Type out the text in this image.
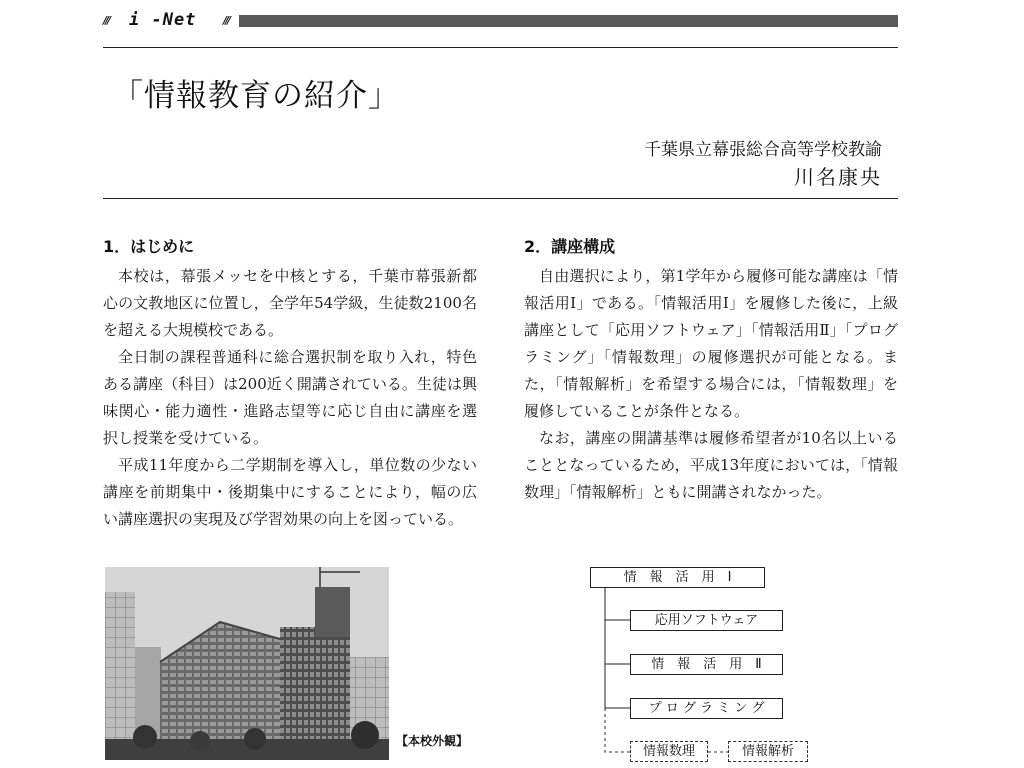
/// i -Net ///
「情報教育の紹介」
千葉県立幕張総合高等学校教諭
川名康央
1．はじめに

本校は，幕張メッセを中核とする，千葉市幕張新都心の文教地区に位置し，全学年54学級，生徒数2100名を超える大規模校である。

全日制の課程普通科に総合選択制を取り入れ，特色ある講座（科目）は200近く開講されている。生徒は興味関心・能力適性・進路志望等に応じ自由に講座を選択し授業を受けている。

平成11年度から二学期制を導入し，単位数の少ない講座を前期集中・後期集中にすることにより，幅の広い講座選択の実現及び学習効果の向上を図っている。

2．講座構成

自由選択により，第1学年から履修可能な講座は「情報活用Ⅰ」である。「情報活用Ⅰ」を履修した後に，上級講座として「応用ソフトウェア」「情報活用Ⅱ」「プログラミング」「情報数理」の履修選択が可能となる。また，「情報解析」を希望する場合には，「情報数理」を履修していることが条件となる。

なお，講座の開講基準は履修希望者が10名以上いることとなっているため，平成13年度においては，「情報数理」「情報解析」ともに開講されなかった。

【本校外観】
情　報　活　用　Ⅰ
応用ソフトウェア
情　報　活　用　Ⅱ
プ ロ グ ラ ミ ン グ
情報数理	情報解析
